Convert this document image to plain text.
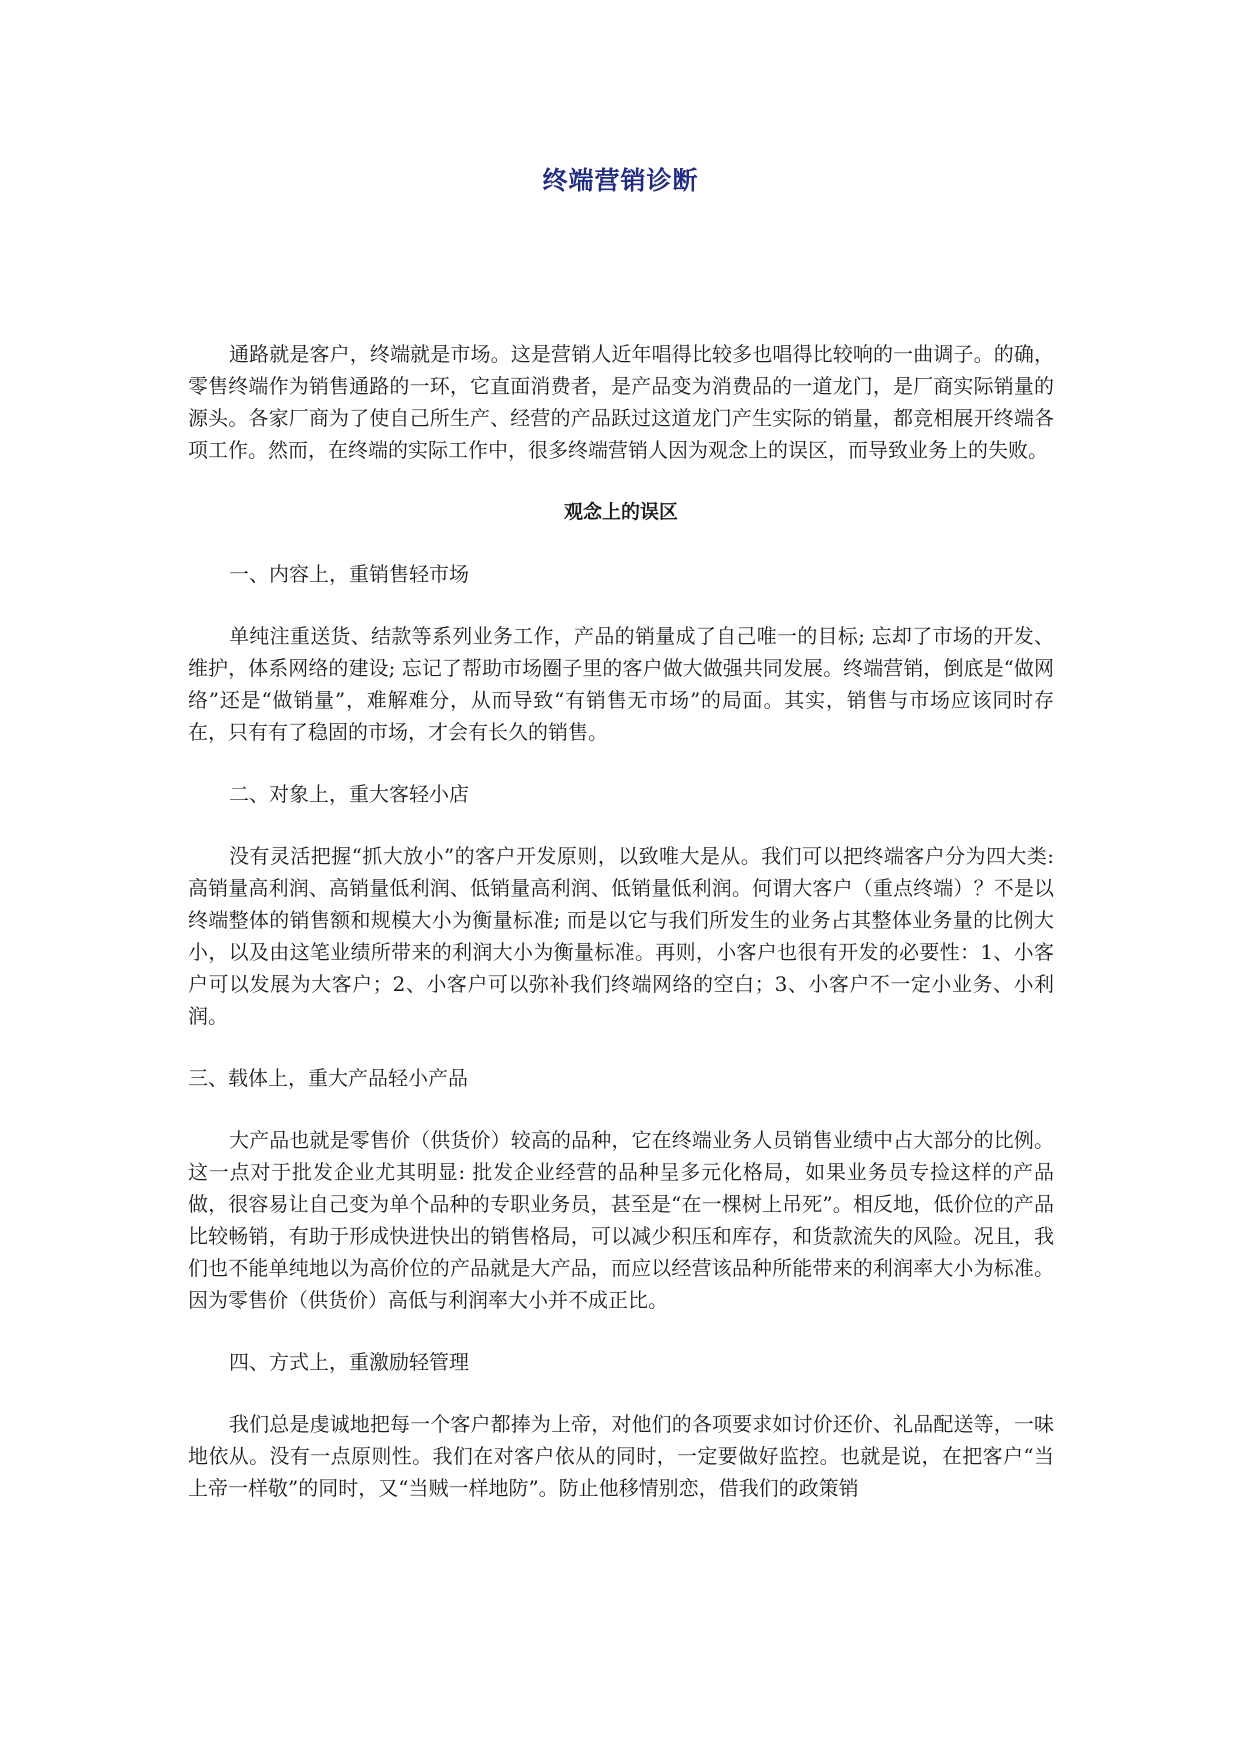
终端营销诊断

通路就是客户，终端就是市场。这是营销人近年唱得比较多也唱得比较响的一曲调子。的确，零售终端作为销售通路的一环，它直面消费者，是产品变为消费品的一道龙门，是厂商实际销量的源头。各家厂商为了使自己所生产、经营的产品跃过这道龙门产生实际的销量，都竞相展开终端各项工作。然而，在终端的实际工作中，很多终端营销人因为观念上的误区，而导致业务上的失败。

观念上的误区

一、内容上，重销售轻市场

单纯注重送货、结款等系列业务工作，产品的销量成了自己唯一的目标; 忘却了市场的开发、维护，体系网络的建设; 忘记了帮助市场圈子里的客户做大做强共同发展。终端营销，倒底是“做网络”还是“做销量”，难解难分，从而导致“有销售无市场”的局面。其实，销售与市场应该同时存在，只有有了稳固的市场，才会有长久的销售。

二、对象上，重大客轻小店

没有灵活把握“抓大放小”的客户开发原则，以致唯大是从。我们可以把终端客户分为四大类: 高销量高利润、高销量低利润、低销量高利润、低销量低利润。何谓大客户（重点终端）？不是以终端整体的销售额和规模大小为衡量标准; 而是以它与我们所发生的业务占其整体业务量的比例大小，以及由这笔业绩所带来的利润大小为衡量标准。再则，小客户也很有开发的必要性：1、小客户可以发展为大客户；2、小客户可以弥补我们终端网络的空白；3、小客户不一定小业务、小利润。

三、载体上，重大产品轻小产品

大产品也就是零售价（供货价）较高的品种，它在终端业务人员销售业绩中占大部分的比例。这一点对于批发企业尤其明显: 批发企业经营的品种呈多元化格局，如果业务员专捡这样的产品做，很容易让自己变为单个品种的专职业务员，甚至是“在一棵树上吊死”。相反地，低价位的产品比较畅销，有助于形成快进快出的销售格局，可以减少积压和库存，和货款流失的风险。况且，我们也不能单纯地以为高价位的产品就是大产品，而应以经营该品种所能带来的利润率大小为标准。因为零售价（供货价）高低与利润率大小并不成正比。

四、方式上，重激励轻管理

我们总是虔诚地把每一个客户都捧为上帝，对他们的各项要求如讨价还价、礼品配送等，一味地依从。没有一点原则性。我们在对客户依从的同时，一定要做好监控。也就是说，在把客户“当上帝一样敬”的同时，又“当贼一样地防”。防止他移情别恋，借我们的政策销
